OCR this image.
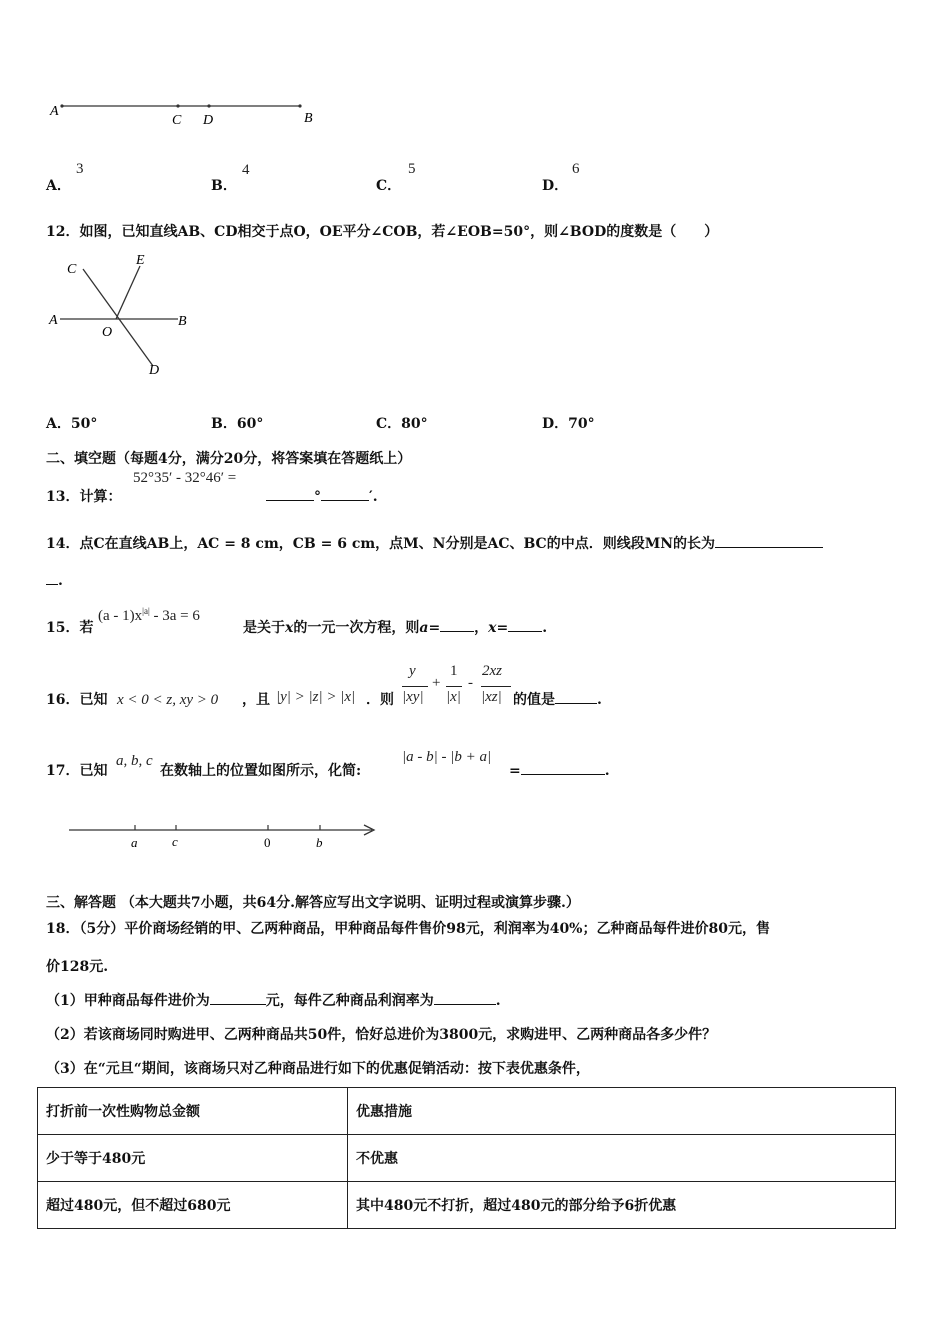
A
C D	B
A．
3
B．
4
C．
5
D．
6
12．如图，已知直线AB、CD相交于点O，OE平分∠COB，若∠EOB=50°，则∠BOD的度数是（　　）
C
E
A
O
B
D
A．50°	B．60°	C．80°	D．70°
二、填空题（每题4分，满分20分，将答案填在答题纸上）
13．计算：
52°35′ - 32°46′ =
°	′.
14．点C在直线AB上，AC = 8 cm，CB = 6 cm，点M、N分别是AC、BC的中点．则线段MN的长为
.
15．若
$(a - 1)x^{|a|} - 3a = 6$
是关于x的一元一次方程，则a= ，x= .
16．已知 x < 0 < z, xy > 0 ，且 |y| > |z| > |x| ．则
y
|xy|
+
1
|x|
-
2xz
|xz| 的值是	.
17．已知
a, b, c
在数轴上的位置如图所示，化简:
|a - b| - |b + a|
=	.
a	c	0	b
三、解答题 （本大题共7小题，共64分.解答应写出文字说明、证明过程或演算步骤.）
18．（5分）平价商场经销的甲、乙两种商品，甲种商品每件售价98元，利润率为40%；乙种商品每件进价80元，售
价128元.
（1）甲种商品每件进价为	元，每件乙种商品利润率为	.
（2）若该商场同时购进甲、乙两种商品共50件，恰好总进价为3800元，求购进甲、乙两种商品各多少件？
（3）在“元旦“期间，该商场只对乙种商品进行如下的优惠促销活动：按下表优惠条件，
打折前一次性购物总金额	优惠措施
少于等于480元	不优惠
超过480元，但不超过680元	其中480元不打折，超过480元的部分给予6折优惠
